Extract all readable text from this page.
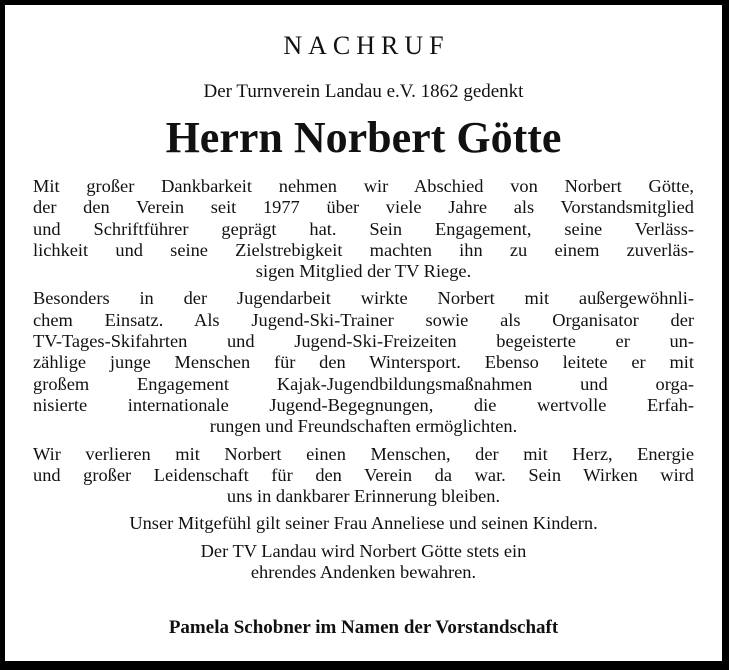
NACHRUF
Der Turnverein Landau e.V. 1862 gedenkt
Herrn Norbert Götte

Mit großer Dankbarkeit nehmen wir Abschied von Norbert Götte,
der den Verein seit 1977 über viele Jahre als Vorstandsmitglied
und Schriftführer geprägt hat. Sein Engagement, seine Verläss-
lichkeit und seine Zielstrebigkeit machten ihn zu einem zuverläs-
sigen Mitglied der TV Riege.

Besonders in der Jugendarbeit wirkte Norbert mit außergewöhnli-
chem Einsatz. Als Jugend-Ski-Trainer sowie als Organisator der
TV-Tages-Skifahrten und Jugend-Ski-Freizeiten begeisterte er un-
zählige junge Menschen für den Wintersport. Ebenso leitete er mit
großem Engagement Kajak-Jugendbildungsmaßnahmen und orga-
nisierte internationale Jugend-Begegnungen, die wertvolle Erfah-
rungen und Freundschaften ermöglichten.

Wir verlieren mit Norbert einen Menschen, der mit Herz, Energie
und großer Leidenschaft für den Verein da war. Sein Wirken wird
uns in dankbarer Erinnerung bleiben.

Unser Mitgefühl gilt seiner Frau Anneliese und seinen Kindern.

Der TV Landau wird Norbert Götte stets ein
ehrendes Andenken bewahren.

Pamela Schobner im Namen der Vorstandschaft
